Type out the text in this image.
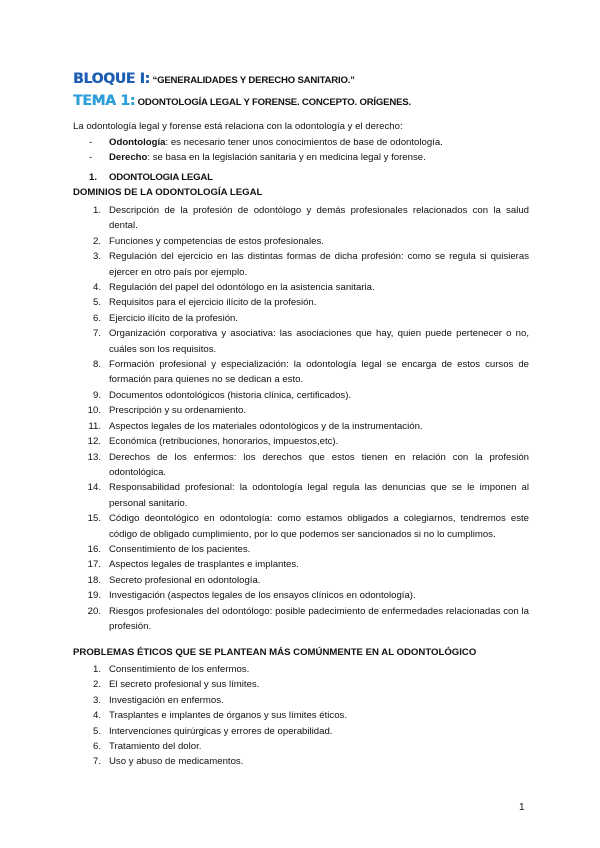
BLOQUE I: “GENERALIDADES Y DERECHO SANITARIO.”
TEMA 1: ODONTOLOGÍA LEGAL Y FORENSE. CONCEPTO. ORÍGENES.
La odontología legal y forense está relaciona con la odontología y el derecho:
- Odontología: es necesario tener unos conocimientos de base de odontología.
- Derecho: se basa en la legislación sanitaria y en medicina legal y forense.
1. ODONTOLOGIA LEGAL
DOMINIOS DE LA ODONTOLOGÍA LEGAL
1. Descripción de la profesión de odontólogo y demás profesionales relacionados con la salud dental.
2. Funciones y competencias de estos profesionales.
3. Regulación del ejercicio en las distintas formas de dicha profesión: como se regula si quisieras ejercer en otro país por ejemplo.
4. Regulación del papel del odontólogo en la asistencia sanitaria.
5. Requisitos para el ejercicio ilícito de la profesión.
6. Ejercicio ilícito de la profesión.
7. Organización corporativa y asociativa: las asociaciones que hay, quien puede pertenecer o no, cuáles son los requisitos.
8. Formación profesional y especialización: la odontología legal se encarga de estos cursos de formación para quienes no se dedican a esto.
9. Documentos odontológicos (historia clínica, certificados).
10. Prescripción y su ordenamiento.
11. Aspectos legales de los materiales odontológicos y de la instrumentación.
12. Económica (retribuciones, honorarios, impuestos,etc).
13. Derechos de los enfermos: los derechos que estos tienen en relación con la profesión odontológica.
14. Responsabilidad profesional: la odontología legal regula las denuncias que se le imponen al personal sanitario.
15. Código deontológico en odontología: como estamos obligados a colegiarnos, tendremos este código de obligado cumplimiento, por lo que podemos ser sancionados si no lo cumplimos.
16. Consentimiento de los pacientes.
17. Aspectos legales de trasplantes e implantes.
18. Secreto profesional en odontología.
19. Investigación (aspectos legales de los ensayos clínicos en odontología).
20. Riesgos profesionales del odontólogo: posible padecimiento de enfermedades relacionadas con la profesión.
PROBLEMAS ÉTICOS QUE SE PLANTEAN MÁS COMÚNMENTE EN AL ODONTOLÓGICO
1. Consentimiento de los enfermos.
2. El secreto profesional y sus límites.
3. Investigación en enfermos.
4. Trasplantes e implantes de órganos y sus límites éticos.
5. Intervenciones quirúrgicas y errores de operabilidad.
6. Tratamiento del dolor.
7. Uso y abuso de medicamentos.
1
